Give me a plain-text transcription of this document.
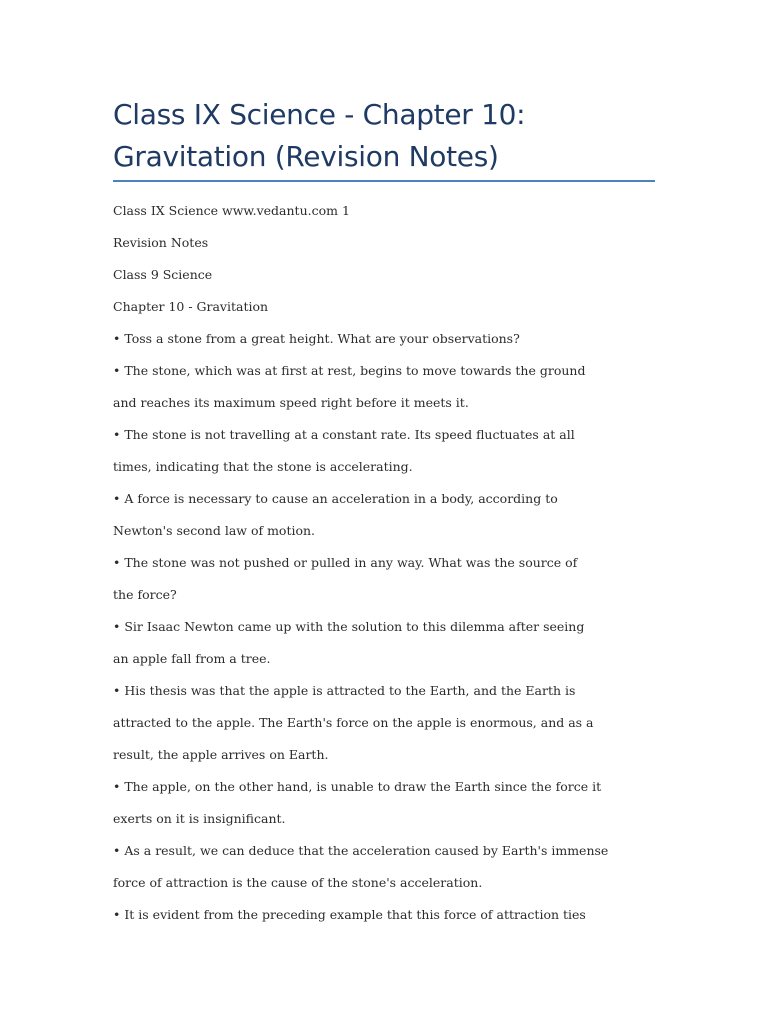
Class IX Science - Chapter 10:
Gravitation (Revision Notes)
Class IX Science www.vedantu.com 1
Revision Notes
Class 9 Science
Chapter 10 - Gravitation
• Toss a stone from a great height. What are your observations?
• The stone, which was at first at rest, begins to move towards the ground
and reaches its maximum speed right before it meets it.
• The stone is not travelling at a constant rate. Its speed fluctuates at all
times, indicating that the stone is accelerating.
• A force is necessary to cause an acceleration in a body, according to
Newton's second law of motion.
• The stone was not pushed or pulled in any way. What was the source of
the force?
• Sir Isaac Newton came up with the solution to this dilemma after seeing
an apple fall from a tree.
• His thesis was that the apple is attracted to the Earth, and the Earth is
attracted to the apple. The Earth's force on the apple is enormous, and as a
result, the apple arrives on Earth.
• The apple, on the other hand, is unable to draw the Earth since the force it
exerts on it is insignificant.
• As a result, we can deduce that the acceleration caused by Earth's immense
force of attraction is the cause of the stone's acceleration.
• It is evident from the preceding example that this force of attraction ties
